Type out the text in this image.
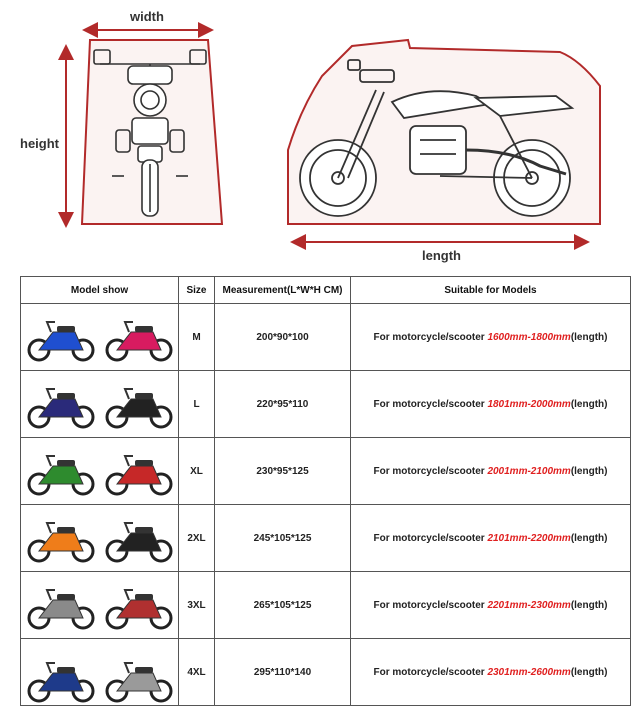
width
height
length
Model show	Size	Measurement(L*W*H CM)	Suitable for Models

	M	200*90*100	For motorcycle/scooter 1600mm-1800mm(length)

	L	220*95*110	For motorcycle/scooter 1801mm-2000mm(length)

	XL	230*95*125	For motorcycle/scooter 2001mm-2100mm(length)

	2XL	245*105*125	For motorcycle/scooter 2101mm-2200mm(length)

	3XL	265*105*125	For motorcycle/scooter 2201mm-2300mm(length)

	4XL	295*110*140	For motorcycle/scooter 2301mm-2600mm(length)
